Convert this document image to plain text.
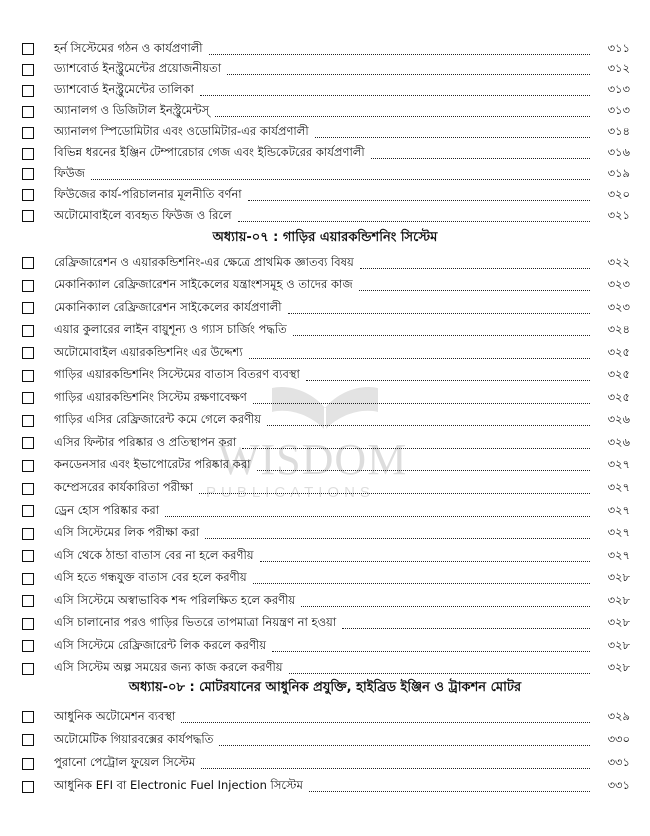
WISDOM
PUBLICATIONS
হর্ন সিস্টেমের গঠন ও কার্যপ্রণালী	৩১১
ড্যাশবোর্ড ইনস্ট্রুমেন্টের প্রয়োজনীয়তা	৩১২
ড্যাশবোর্ড ইনস্ট্রুমেন্টের তালিকা	৩১৩
অ্যানালগ ও ডিজিটাল ইনস্ট্রুমেন্টস্	৩১৩
অ্যানালগ স্পিডোমিটার এবং ওডোমিটার-এর কার্যপ্রণালী	৩১৪
বিভিন্ন ধরনের ইঞ্জিন টেম্পারেচার গেজ এবং ইন্ডিকেটরের কার্যপ্রণালী	৩১৬
ফিউজ	৩১৯
ফিউজের কার্য-পরিচালনার মূলনীতি বর্ণনা	৩২০
অটোমোবাইলে ব্যবহৃত ফিউজ ও রিলে	৩২১
অধ্যায়-০৭ : গাড়ির এয়ারকন্ডিশনিং সিস্টেম
রেফ্রিজারেশন ও এয়ারকন্ডিশনিং-এর ক্ষেত্রে প্রাথমিক জ্ঞাতব্য বিষয়	৩২২
মেকানিক্যাল রেফ্রিজারেশন সাইকেলের যন্ত্রাংশসমূহ ও তাদের কাজ	৩২৩
মেকানিক্যাল রেফ্রিজারেশন সাইকেলের কার্যপ্রণালী	৩২৩
এয়ার কুলারের লাইন বায়ুশূন্য ও গ্যাস চার্জিং পদ্ধতি	৩২৪
অটোমোবাইল এয়ারকন্ডিশনিং এর উদ্দেশ্য	৩২৫
গাড়ির এয়ারকন্ডিশনিং সিস্টেমের বাতাস বিতরণ ব্যবস্থা	৩২৫
গাড়ির এয়ারকন্ডিশনিং সিস্টেম রক্ষণাবেক্ষণ	৩২৫
গাড়ির এসির রেফ্রিজারেন্ট কমে গেলে করণীয়	৩২৬
এসির ফিল্টার পরিষ্কার ও প্রতিস্থাপন করা	৩২৬
কনডেনসার এবং ইভাপোরেটর পরিষ্কার করা	৩২৭
কম্প্রেসরের কার্যকারিতা পরীক্ষা	৩২৭
ড্রেন হোস পরিষ্কার করা	৩২৭
এসি সিস্টেমের লিক পরীক্ষা করা	৩২৭
এসি থেকে ঠান্ডা বাতাস বের না হলে করণীয়	৩২৭
এসি হতে গন্ধযুক্ত বাতাস বের হলে করণীয়	৩২৮
এসি সিস্টেমে অস্বাভাবিক শব্দ পরিলক্ষিত হলে করণীয়	৩২৮
এসি চালানোর পরও গাড়ির ভিতরে তাপমাত্রা নিয়ন্ত্রণ না হওয়া	৩২৮
এসি সিস্টেমে রেফ্রিজারেন্ট লিক করলে করণীয়	৩২৮
এসি সিস্টেম অল্প সময়ের জন্য কাজ করলে করণীয়	৩২৮
অধ্যায়-০৮ : মোটরযানের আধুনিক প্রযুক্তি, হাইব্রিড ইঞ্জিন ও ট্রাকশন মোটর
আধুনিক অটোমেশন ব্যবস্থা	৩২৯
অটোমেটিক গিয়ারবক্সের কার্যপদ্ধতি	৩৩০
পুরানো পেট্রোল ফুয়েল সিস্টেম	৩৩১
আধুনিক EFI বা Electronic Fuel Injection সিস্টেম	৩৩১
